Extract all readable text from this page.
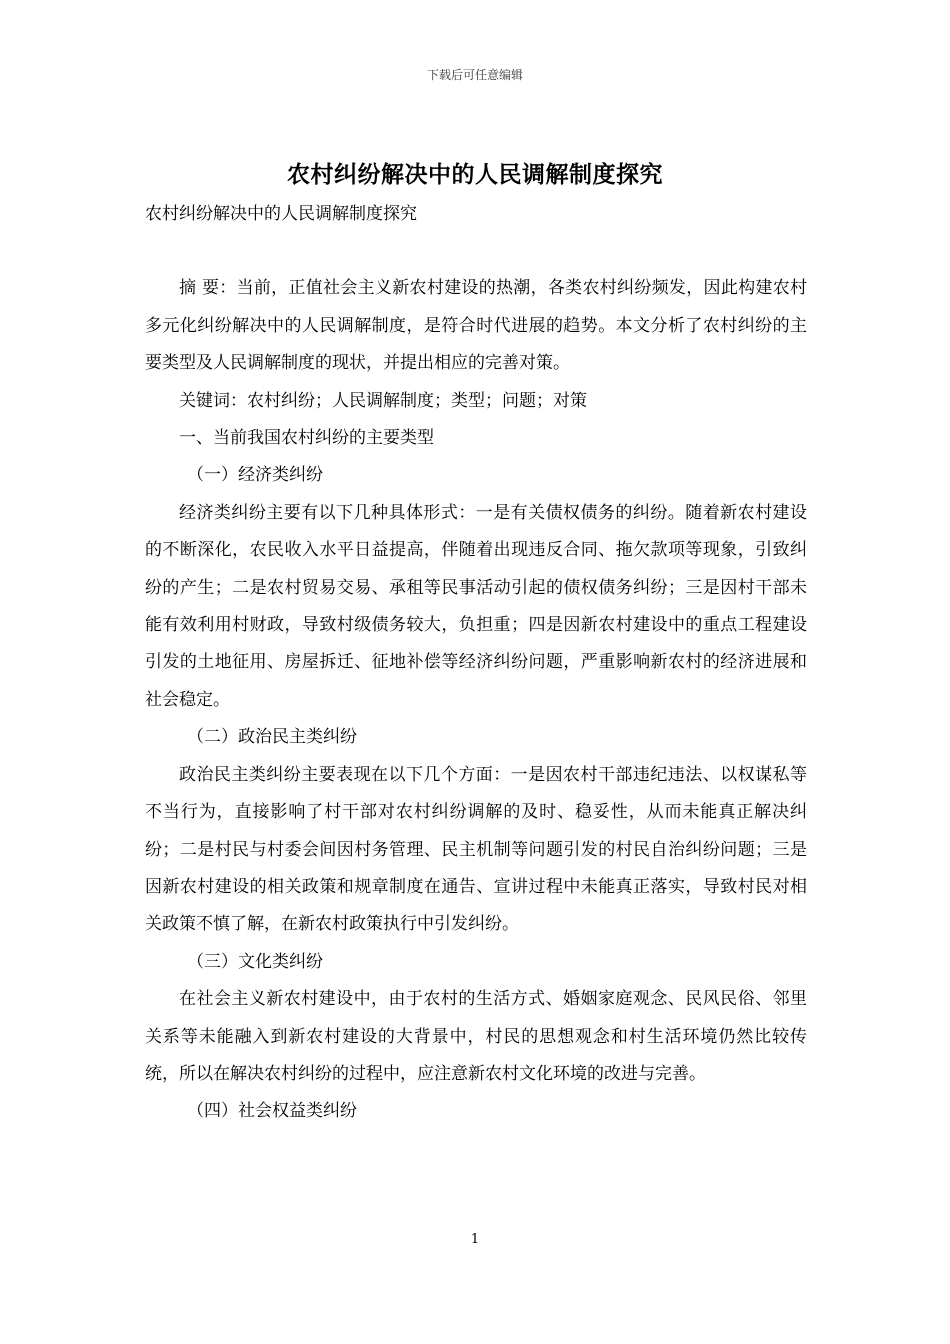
下载后可任意编辑
农村纠纷解决中的人民调解制度探究

农村纠纷解决中的人民调解制度探究

摘 要：当前，正值社会主义新农村建设的热潮，各类农村纠纷频发，因此构建农村多元化纠纷解决中的人民调解制度，是符合时代进展的趋势。本文分析了农村纠纷的主要类型及人民调解制度的现状，并提出相应的完善对策。

关键词：农村纠纷；人民调解制度；类型；问题；对策

一、当前我国农村纠纷的主要类型

（一）经济类纠纷

经济类纠纷主要有以下几种具体形式：一是有关债权债务的纠纷。随着新农村建设的不断深化，农民收入水平日益提高，伴随着出现违反合同、拖欠款项等现象，引致纠纷的产生；二是农村贸易交易、承租等民事活动引起的债权债务纠纷；三是因村干部未能有效利用村财政，导致村级债务较大，负担重；四是因新农村建设中的重点工程建设引发的土地征用、房屋拆迁、征地补偿等经济纠纷问题，严重影响新农村的经济进展和社会稳定。

（二）政治民主类纠纷

政治民主类纠纷主要表现在以下几个方面：一是因农村干部违纪违法、以权谋私等不当行为，直接影响了村干部对农村纠纷调解的及时、稳妥性，从而未能真正解决纠纷；二是村民与村委会间因村务管理、民主机制等问题引发的村民自治纠纷问题；三是因新农村建设的相关政策和规章制度在通告、宣讲过程中未能真正落实，导致村民对相关政策不慎了解，在新农村政策执行中引发纠纷。

（三）文化类纠纷

在社会主义新农村建设中，由于农村的生活方式、婚姻家庭观念、民风民俗、邻里关系等未能融入到新农村建设的大背景中，村民的思想观念和村生活环境仍然比较传统，所以在解决农村纠纷的过程中，应注意新农村文化环境的改进与完善。

（四）社会权益类纠纷

1
